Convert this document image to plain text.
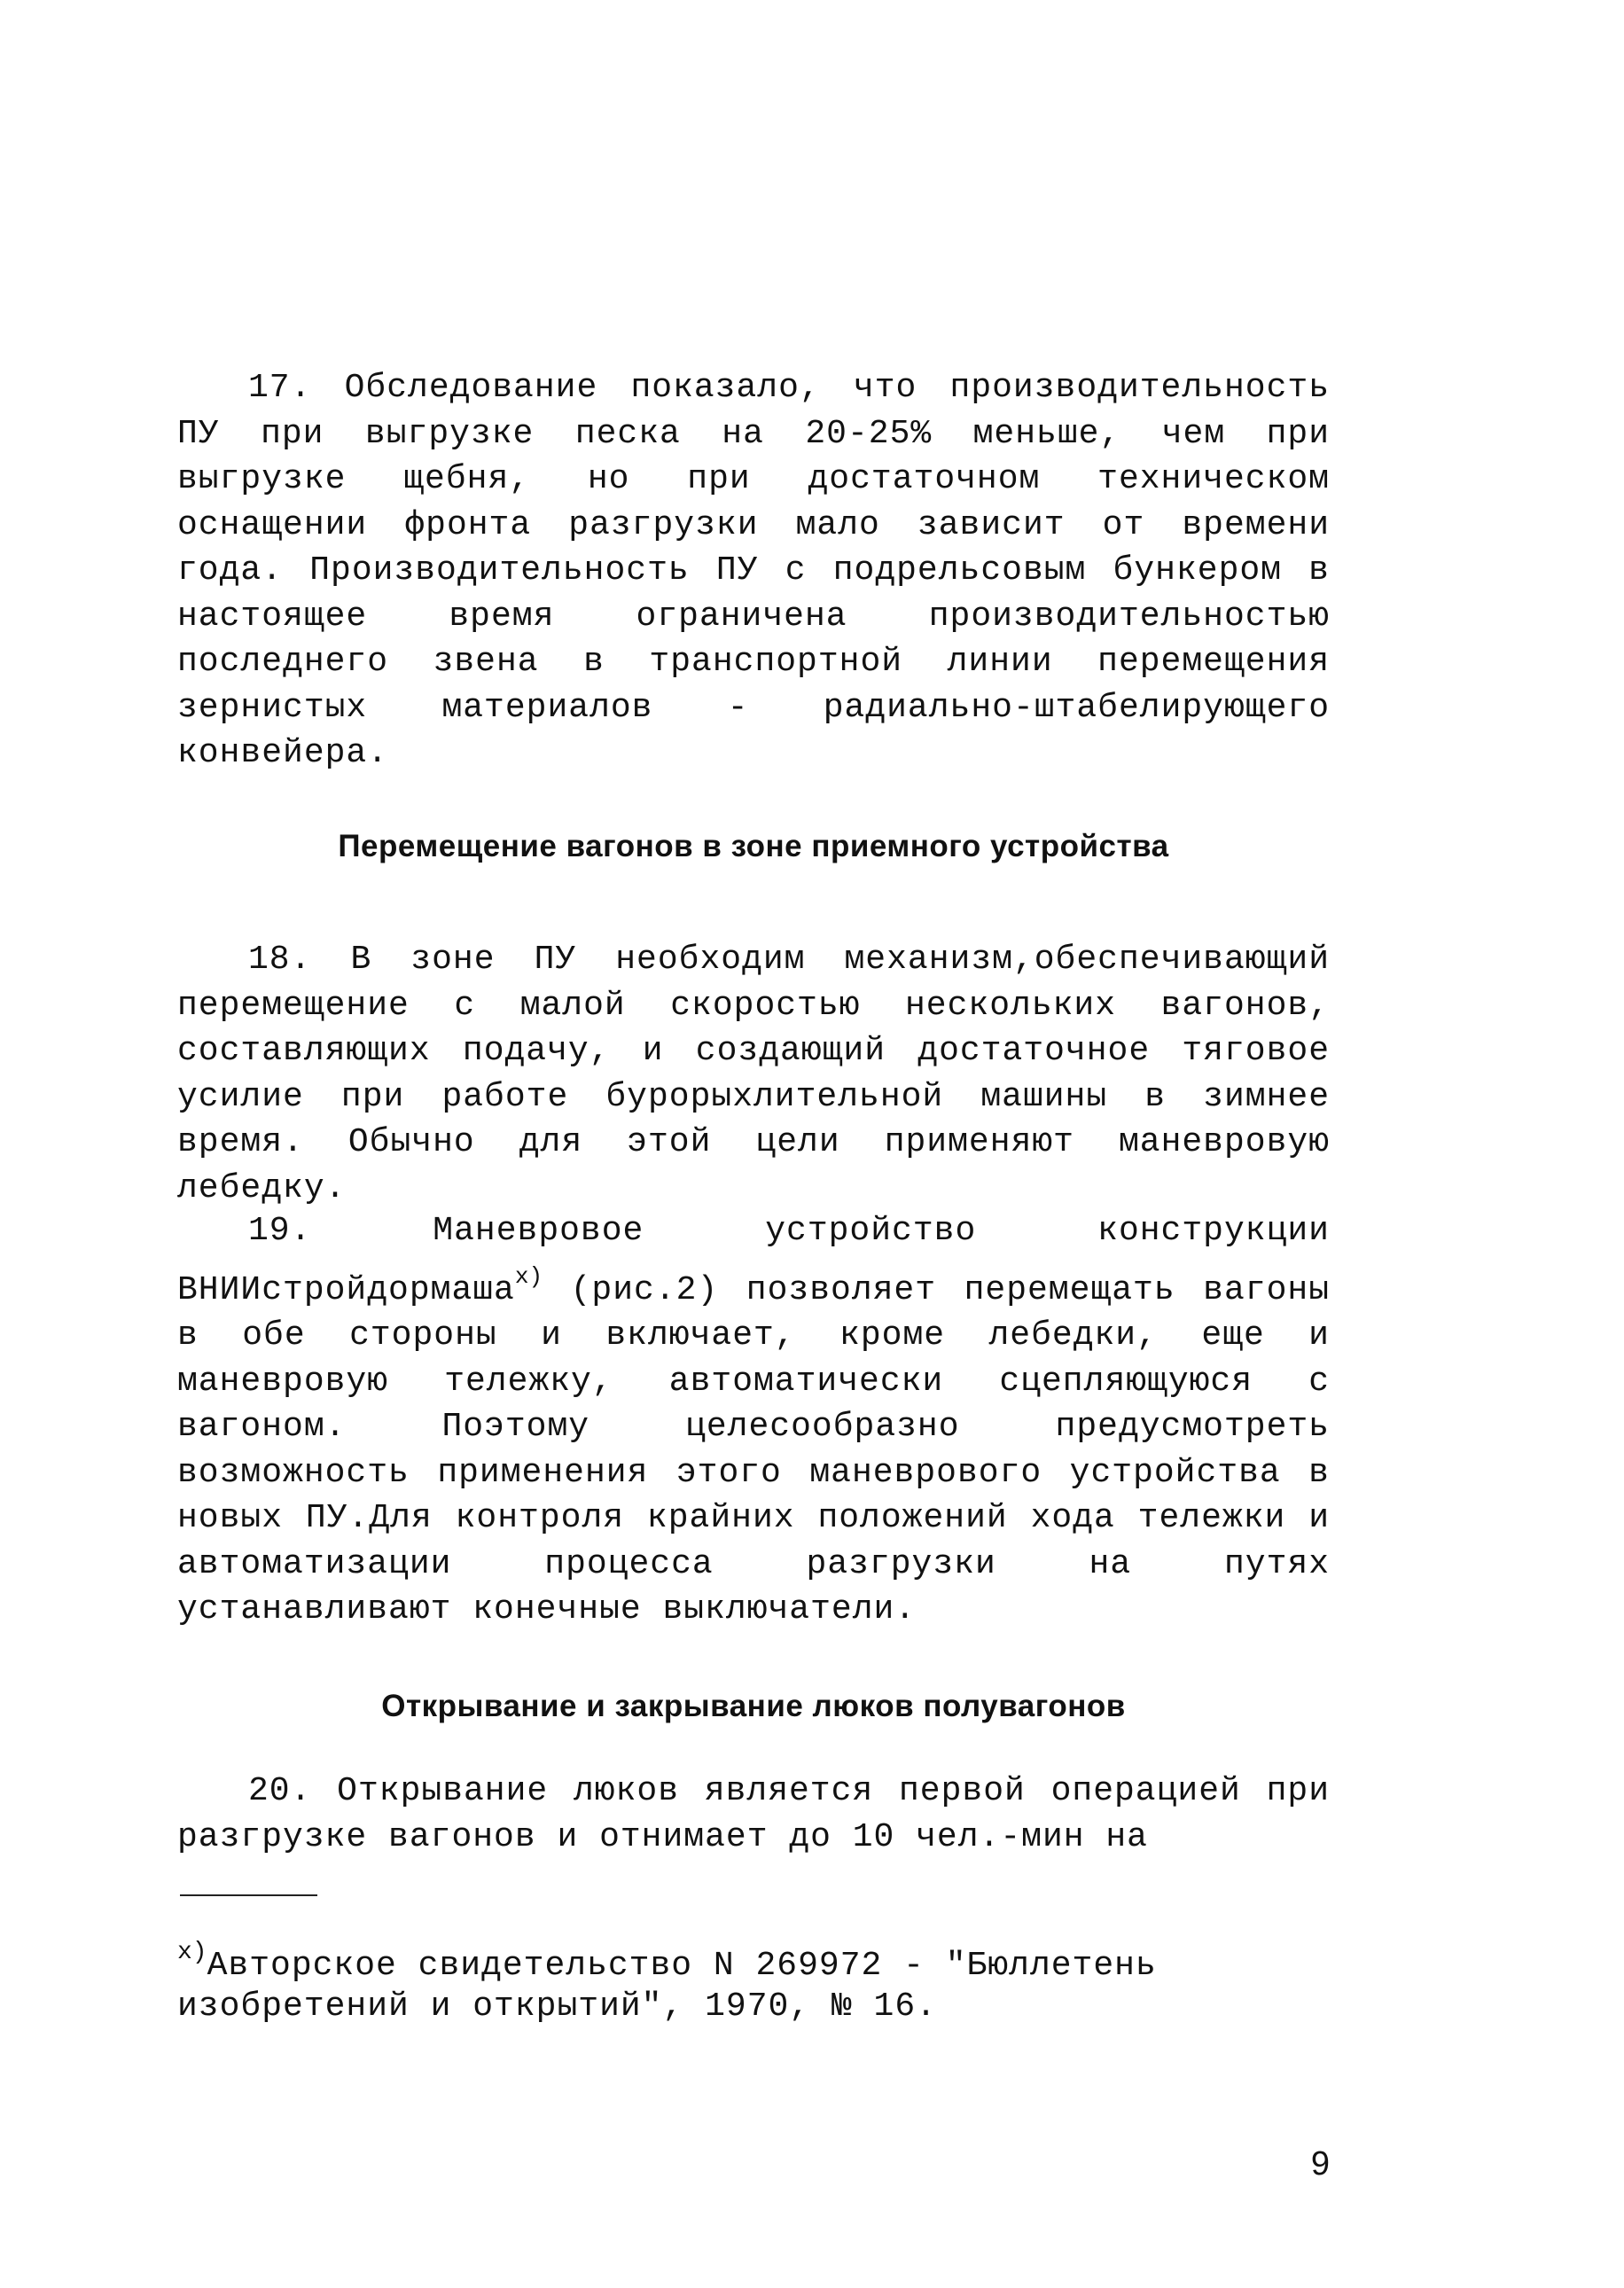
17. Обследование показало, что производительность ПУ при выгрузке песка на 20-25% меньше, чем при выгрузке щебня, но при достаточном техническом оснащении фронта разгрузки мало зависит от времени года. Производительность ПУ с подрельсовым бункером в настоящее время ограничена производительностью последнего звена в транспортной линии перемещения зернистых материалов - радиально-штабелирующего конвейера.

Перемещение вагонов в зоне приемного устройства

18. В зоне ПУ необходим механизм,обеспечивающий перемещение с малой скоростью нескольких вагонов, составляющих подачу, и создающий достаточное тяговое усилие при работе бурорыхлительной машины в зимнее время. Обычно для этой цели применяют маневровую лебедку.

19. Маневровое устройство конструкции ВНИИстройдормаша$^{x)}$ (рис.2) позволяет перемещать вагоны в обе стороны и включает, кроме лебедки, еще и маневровую тележку, автоматически сцепляющуюся с вагоном. Поэтому целесообразно предусмотреть возможность применения этого маневрового устройства в новых ПУ.Для контроля крайних положений хода тележки и автоматизации процесса разгрузки на путях устанавливают конечные выключатели.

Открывание и закрывание люков полувагонов

20. Открывание люков является первой операцией при разгрузке вагонов и отнимает до 10 чел.-мин на

$^{x)}$Авторское свидетельство N 269972 - "Бюллетень изобретений и открытий", 1970, № 16.

9
